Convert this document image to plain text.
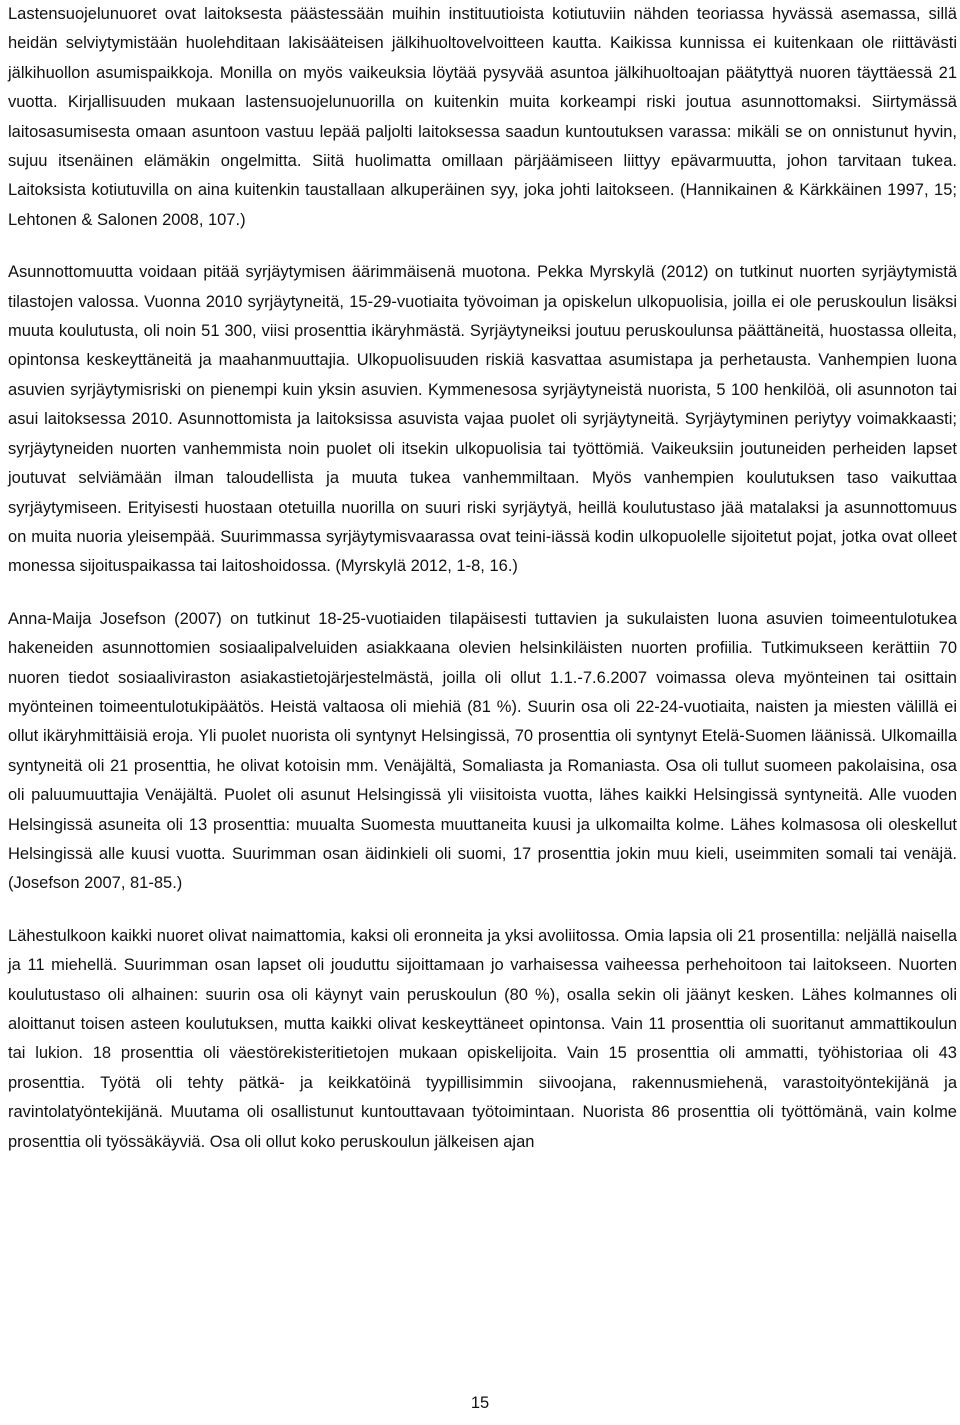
Lastensuojelunuoret ovat laitoksesta päästessään muihin instituutioista kotiutuviin nähden teoriassa hyvässä asemassa, sillä heidän selviytymistään huolehditaan lakisääteisen jälkihuoltovelvoitteen kautta. Kaikissa kunnissa ei kuitenkaan ole riittävästi jälkihuollon asumispaikkoja. Monilla on myös vaikeuksia löytää pysyvää asuntoa jälkihuoltoajan päätyttyä nuoren täyttäessä 21 vuotta. Kirjallisuuden mukaan lastensuojelunuorilla on kuitenkin muita korkeampi riski joutua asunnottomaksi. Siirtymässä laitosasumisesta omaan asuntoon vastuu lepää paljolti laitoksessa saadun kuntoutuksen varassa: mikäli se on onnistunut hyvin, sujuu itsenäinen elämäkin ongelmitta. Siitä huolimatta omillaan pärjäämiseen liittyy epävarmuutta, johon tarvitaan tukea. Laitoksista kotiutuvilla on aina kuitenkin taustallaan alkuperäinen syy, joka johti laitokseen. (Hannikainen & Kärkkäinen 1997, 15; Lehtonen & Salonen 2008, 107.)

Asunnottomuutta voidaan pitää syrjäytymisen äärimmäisenä muotona. Pekka Myrskylä (2012) on tutkinut nuorten syrjäytymistä tilastojen valossa. Vuonna 2010 syrjäytyneitä, 15-29-vuotiaita työvoiman ja opiskelun ulkopuolisia, joilla ei ole peruskoulun lisäksi muuta koulutusta, oli noin 51 300, viisi prosenttia ikäryhmästä. Syrjäytyneiksi joutuu peruskoulunsa päättäneitä, huostassa olleita, opintonsa keskeyttäneitä ja maahanmuuttajia. Ulkopuolisuuden riskiä kasvattaa asumistapa ja perhetausta. Vanhempien luona asuvien syrjäytymisriski on pienempi kuin yksin asuvien. Kymmenesosa syrjäytyneistä nuorista, 5 100 henkilöä, oli asunnoton tai asui laitoksessa 2010. Asunnottomista ja laitoksissa asuvista vajaa puolet oli syrjäytyneitä. Syrjäytyminen periytyy voimakkaasti; syrjäytyneiden nuorten vanhemmista noin puolet oli itsekin ulkopuolisia tai työttömiä. Vaikeuksiin joutuneiden perheiden lapset joutuvat selviämään ilman taloudellista ja muuta tukea vanhemmiltaan. Myös vanhempien koulutuksen taso vaikuttaa syrjäytymiseen. Erityisesti huostaan otetuilla nuorilla on suuri riski syrjäytyä, heillä koulutustaso jää matalaksi ja asunnottomuus on muita nuoria yleisempää. Suurimmassa syrjäytymisvaarassa ovat teini-iässä kodin ulkopuolelle sijoitetut pojat, jotka ovat olleet monessa sijoituspaikassa tai laitoshoidossa. (Myrskylä 2012, 1-8, 16.)

Anna-Maija Josefson (2007) on tutkinut 18-25-vuotiaiden tilapäisesti tuttavien ja sukulaisten luona asuvien toimeentulotukea hakeneiden asunnottomien sosiaalipalveluiden asiakkaana olevien helsinkiläisten nuorten profiilia. Tutkimukseen kerättiin 70 nuoren tiedot sosiaaliviraston asiakastietojärjestelmästä, joilla oli ollut 1.1.-7.6.2007 voimassa oleva myönteinen tai osittain myönteinen toimeentulotukipäätös. Heistä valtaosa oli miehiä (81 %). Suurin osa oli 22-24-vuotiaita, naisten ja miesten välillä ei ollut ikäryhmittäisiä eroja. Yli puolet nuorista oli syntynyt Helsingissä, 70 prosenttia oli syntynyt Etelä-Suomen läänissä. Ulkomailla syntyneitä oli 21 prosenttia, he olivat kotoisin mm. Venäjältä, Somaliasta ja Romaniasta. Osa oli tullut suomeen pakolaisina, osa oli paluumuuttajia Venäjältä. Puolet oli asunut Helsingissä yli viisitoista vuotta, lähes kaikki Helsingissä syntyneitä. Alle vuoden Helsingissä asuneita oli 13 prosenttia: muualta Suomesta muuttaneita kuusi ja ulkomailta kolme. Lähes kolmasosa oli oleskellut Helsingissä alle kuusi vuotta. Suurimman osan äidinkieli oli suomi, 17 prosenttia jokin muu kieli, useimmiten somali tai venäjä. (Josefson 2007, 81-85.)

Lähestulkoon kaikki nuoret olivat naimattomia, kaksi oli eronneita ja yksi avoliitossa. Omia lapsia oli 21 prosentilla: neljällä naisella ja 11 miehellä. Suurimman osan lapset oli jouduttu sijoittamaan jo varhaisessa vaiheessa perhehoitoon tai laitokseen. Nuorten koulutustaso oli alhainen: suurin osa oli käynyt vain peruskoulun (80 %), osalla sekin oli jäänyt kesken. Lähes kolmannes oli aloittanut toisen asteen koulutuksen, mutta kaikki olivat keskeyttäneet opintonsa. Vain 11 prosenttia oli suoritanut ammattikoulun tai lukion. 18 prosenttia oli väestörekisteritietojen mukaan opiskelijoita. Vain 15 prosenttia oli ammatti, työhistoriaa oli 43 prosenttia. Työtä oli tehty pätkä- ja keikkatöinä tyypillisimmin siivoojana, rakennusmiehenä, varastoityöntekijänä ja ravintolatyöntekijänä. Muutama oli osallistunut kuntouttavaan työtoimintaan. Nuorista 86 prosenttia oli työttömänä, vain kolme prosenttia oli työssäkäyviä. Osa oli ollut koko peruskoulun jälkeisen ajan

15
